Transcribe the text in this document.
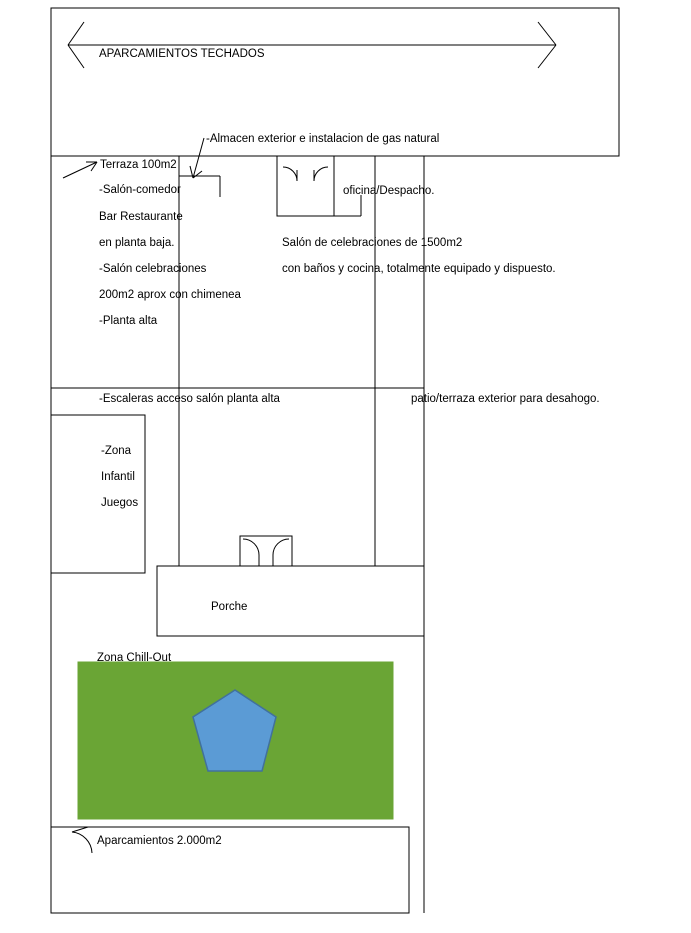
APARCAMIENTOS TECHADOS
-Almacen exterior e instalacion de gas natural
Terraza 100m2
-Salón-comedor	oficina/Despacho.
Bar Restaurante
en planta baja.	Salón de celebraciones de 1500m2
-Salón celebraciones	con baños y cocina, totalmente equipado y dispuesto.
200m2 aprox con chimenea
-Planta alta
-Escaleras acceso salón planta alta	patio/terraza exterior para desahogo.
-Zona
Infantil
Juegos
Porche
Zona Chill-Out
Aparcamientos 2.000m2
